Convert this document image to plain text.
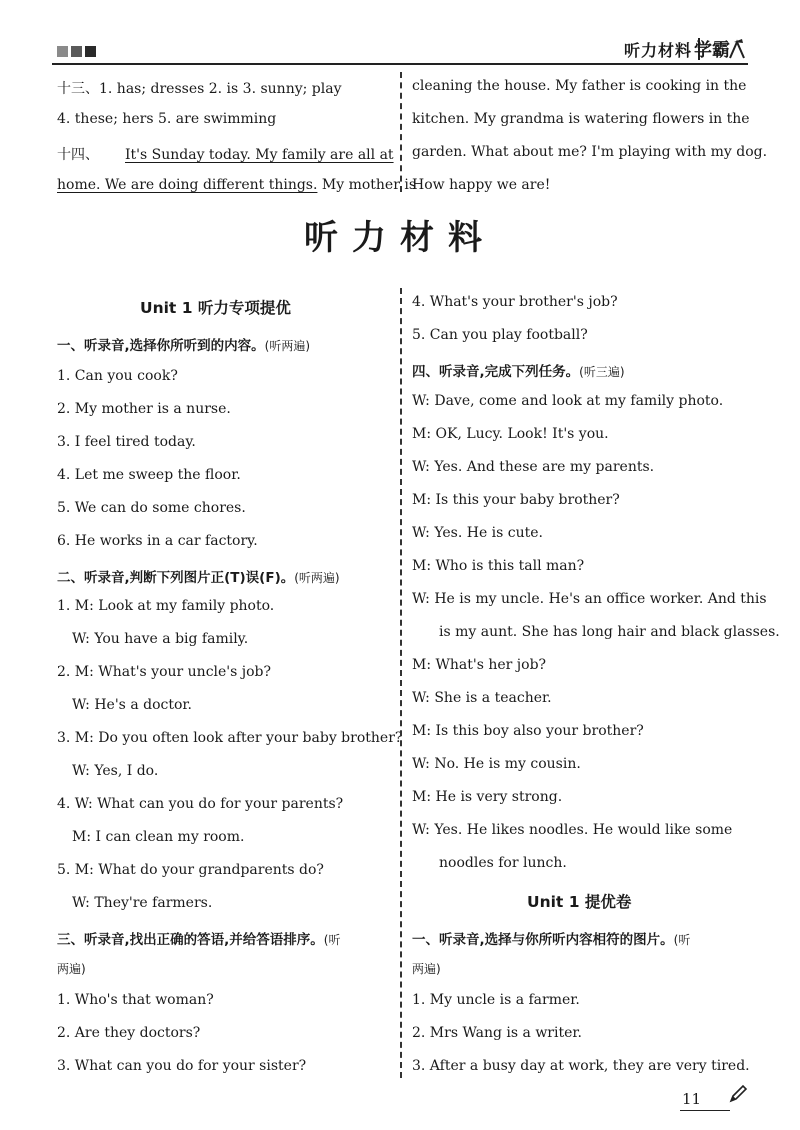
听力材料 学霸
十三、1. has; dresses 2. is 3. sunny; play
4. these; hers 5. are swimming
十四、 It's Sunday today. My family are all at
home. We are doing different things. My mother is
cleaning the house. My father is cooking in the
kitchen. My grandma is watering flowers in the
garden. What about me? I'm playing with my dog.
How happy we are!
听力材料
Unit 1 听力专项提优
一、听录音,选择你所听到的内容。(听两遍)
1. Can you cook?
2. My mother is a nurse.
3. I feel tired today.
4. Let me sweep the floor.
5. We can do some chores.
6. He works in a car factory.
二、听录音,判断下列图片正(T)误(F)。(听两遍)
1. M: Look at my family photo.
W: You have a big family.
2. M: What's your uncle's job?
W: He's a doctor.
3. M: Do you often look after your baby brother?
W: Yes, I do.
4. W: What can you do for your parents?
M: I can clean my room.
5. M: What do your grandparents do?
W: They're farmers.
三、听录音,找出正确的答语,并给答语排序。(听
两遍)
1. Who's that woman?
2. Are they doctors?
3. What can you do for your sister?
4. What's your brother's job?
5. Can you play football?
四、听录音,完成下列任务。(听三遍)
W: Dave, come and look at my family photo.
M: OK, Lucy. Look! It's you.
W: Yes. And these are my parents.
M: Is this your baby brother?
W: Yes. He is cute.
M: Who is this tall man?
W: He is my uncle. He's an office worker. And this
is my aunt. She has long hair and black glasses.
M: What's her job?
W: She is a teacher.
M: Is this boy also your brother?
W: No. He is my cousin.
M: He is very strong.
W: Yes. He likes noodles. He would like some
noodles for lunch.
Unit 1 提优卷
一、听录音,选择与你所听内容相符的图片。(听
两遍)
1. My uncle is a farmer.
2. Mrs Wang is a writer.
3. After a busy day at work, they are very tired.
11
